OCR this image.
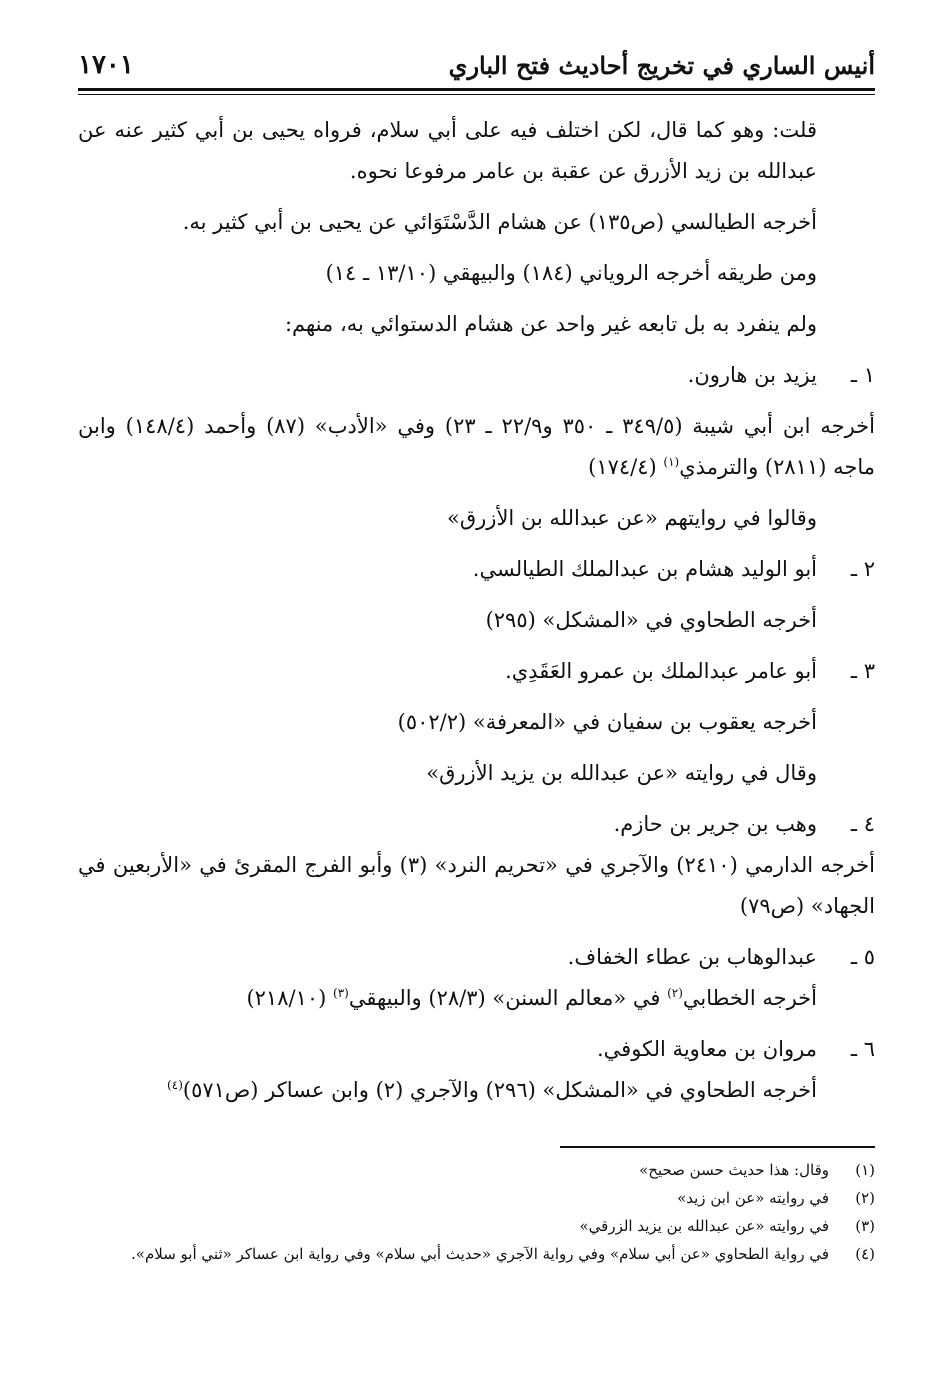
أنيس الساري في تخريج أحاديث فتح الباري
١٧٠١

قلت: وهو كما قال، لكن اختلف فيه على أبي سلام، فرواه يحيى بن أبي كثير عنه عن عبدالله بن زيد الأزرق عن عقبة بن عامر مرفوعا نحوه.

أخرجه الطيالسي (ص١٣٥) عن هشام الدَّسْتَوَائي عن يحيى بن أبي كثير به.

ومن طريقه أخرجه الروياني (١٨٤) والبيهقي (١٣/١٠ ـ ١٤)

ولم ينفرد به بل تابعه غير واحد عن هشام الدستوائي به، منهم:

١ ـ
يزيد بن هارون.

أخرجه ابن أبي شيبة (٣٤٩/٥ ـ ٣٥٠ و٢٢/٩ ـ ٢٣) وفي «الأدب» (٨٧) وأحمد (١٤٨/٤) وابن ماجه (٢٨١١) والترمذي$^{(١)}$ (١٧٤/٤)

وقالوا في روايتهم «عن عبدالله بن الأزرق»

٢ ـ
أبو الوليد هشام بن عبدالملك الطيالسي.

أخرجه الطحاوي في «المشكل» (٢٩٥)

٣ ـ
أبو عامر عبدالملك بن عمرو العَقَدِي.

أخرجه يعقوب بن سفيان في «المعرفة» (٥٠٢/٢)

وقال في روايته «عن عبدالله بن يزيد الأزرق»

٤ ـ
وهب بن جرير بن حازم.

أخرجه الدارمي (٢٤١٠) والآجري في «تحريم النرد» (٣) وأبو الفرج المقرئ في «الأربعين في الجهاد» (ص٧٩)

٥ ـ
عبدالوهاب بن عطاء الخفاف.

أخرجه الخطابي$^{(٢)}$ في «معالم السنن» (٢٨/٣) والبيهقي$^{(٣)}$ (٢١٨/١٠)

٦ ـ
مروان بن معاوية الكوفي.

أخرجه الطحاوي في «المشكل» (٢٩٦) والآجري (٢) وابن عساكر (ص٥٧١)$^{(٤)}$

(١)
وقال: هذا حديث حسن صحيح»
(٢)
في روايته «عن ابن زيد»
(٣)
في روايته «عن عبدالله بن يزيد الزرقي»
(٤)
في رواية الطحاوي «عن أبي سلام» وفي رواية الآجري «حديث أبي سلام» وفي رواية ابن عساكر «ثني أبو سلام».
